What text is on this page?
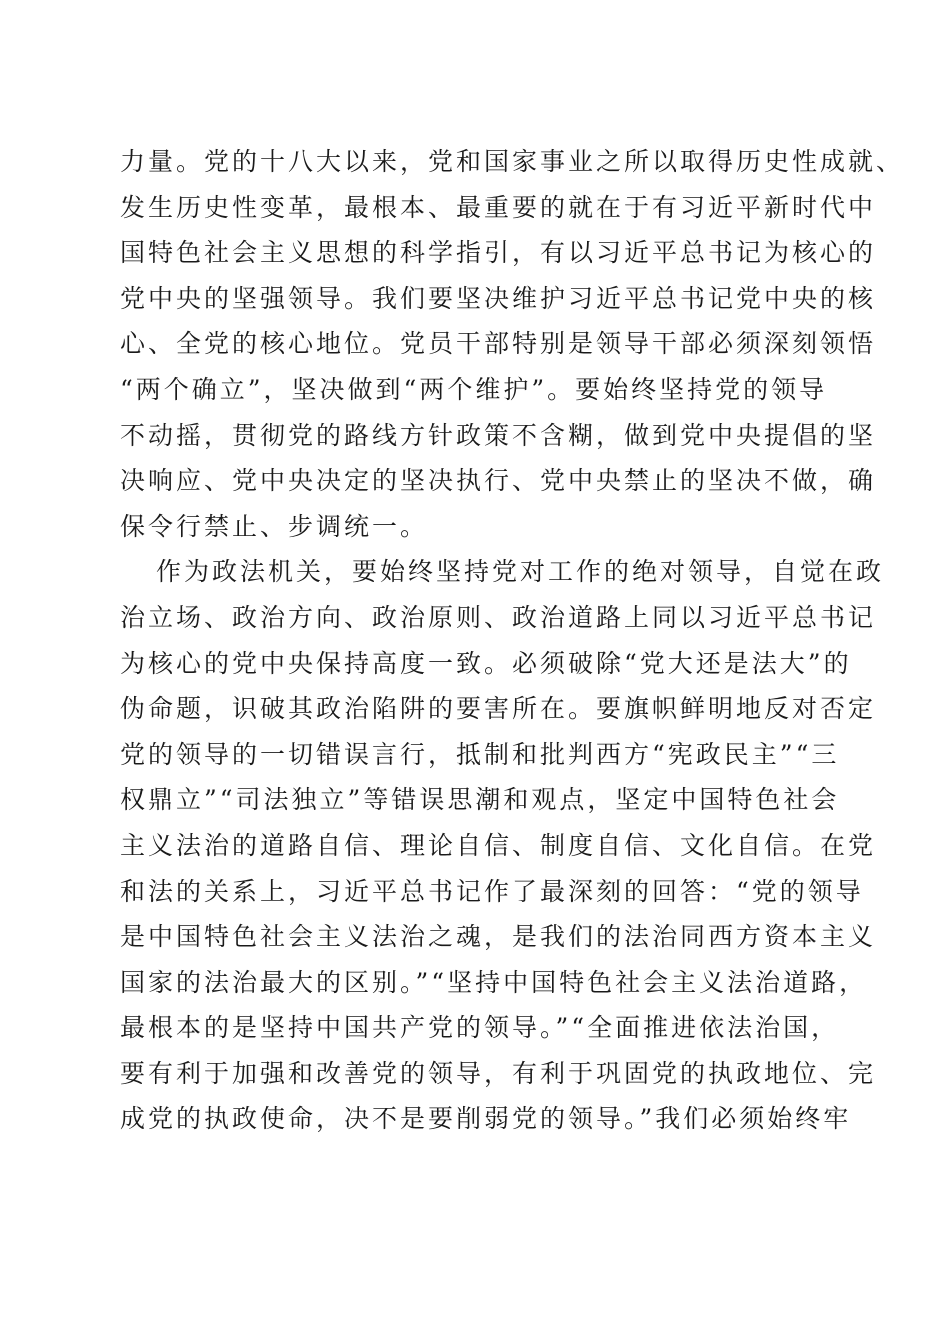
力量。党的十八大以来，党和国家事业之所以取得历史性成就、
发生历史性变革，最根本、最重要的就在于有习近平新时代中
国特色社会主义思想的科学指引，有以习近平总书记为核心的
党中央的坚强领导。我们要坚决维护习近平总书记党中央的核
心、全党的核心地位。党员干部特别是领导干部必须深刻领悟
“两个确立”，坚决做到“两个维护”。要始终坚持党的领导
不动摇，贯彻党的路线方针政策不含糊，做到党中央提倡的坚
决响应、党中央决定的坚决执行、党中央禁止的坚决不做，确
保令行禁止、步调统一。
作为政法机关，要始终坚持党对工作的绝对领导，自觉在政
治立场、政治方向、政治原则、政治道路上同以习近平总书记
为核心的党中央保持高度一致。必须破除“党大还是法大”的
伪命题，识破其政治陷阱的要害所在。要旗帜鲜明地反对否定
党的领导的一切错误言行，抵制和批判西方“宪政民主”“三
权鼎立”“司法独立”等错误思潮和观点，坚定中国特色社会
主义法治的道路自信、理论自信、制度自信、文化自信。在党
和法的关系上，习近平总书记作了最深刻的回答：“党的领导
是中国特色社会主义法治之魂，是我们的法治同西方资本主义
国家的法治最大的区别。”“坚持中国特色社会主义法治道路，
最根本的是坚持中国共产党的领导。”“全面推进依法治国，
要有利于加强和改善党的领导，有利于巩固党的执政地位、完
成党的执政使命，决不是要削弱党的领导。”我们必须始终牢
